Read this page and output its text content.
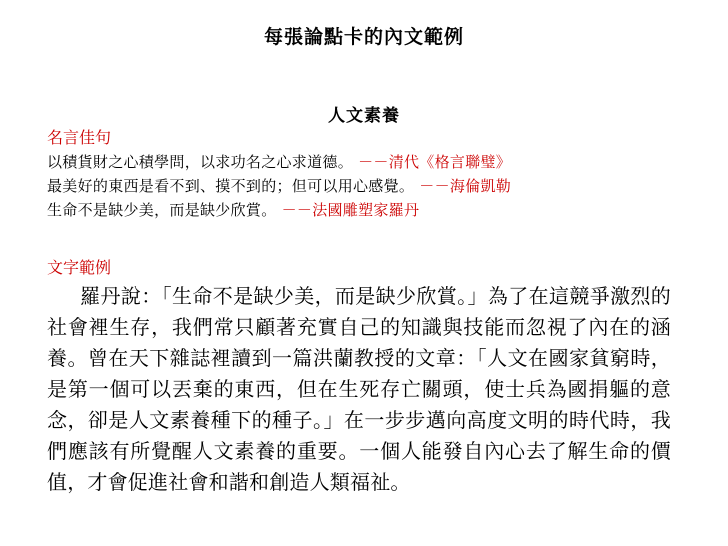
每張論點卡的內文範例
人文素養
名言佳句
以積貨財之心積學問，以求功名之心求道德。 －－清代《格言聯璧》
最美好的東西是看不到、摸不到的；但可以用心感覺。 －－海倫凱勒
生命不是缺少美，而是缺少欣賞。 －－法國雕塑家羅丹
文字範例
羅丹說：「生命不是缺少美，而是缺少欣賞。」為了在這競爭激烈的社會裡生存，我們常只顧著充實自己的知識與技能而忽視了內在的涵養。曾在天下雜誌裡讀到一篇洪蘭教授的文章：「人文在國家貧窮時，是第一個可以丟棄的東西，但在生死存亡關頭，使士兵為國捐軀的意念，卻是人文素養種下的種子。」在一步步邁向高度文明的時代時，我們應該有所覺醒人文素養的重要。一個人能發自內心去了解生命的價值，才會促進社會和諧和創造人類福祉。
